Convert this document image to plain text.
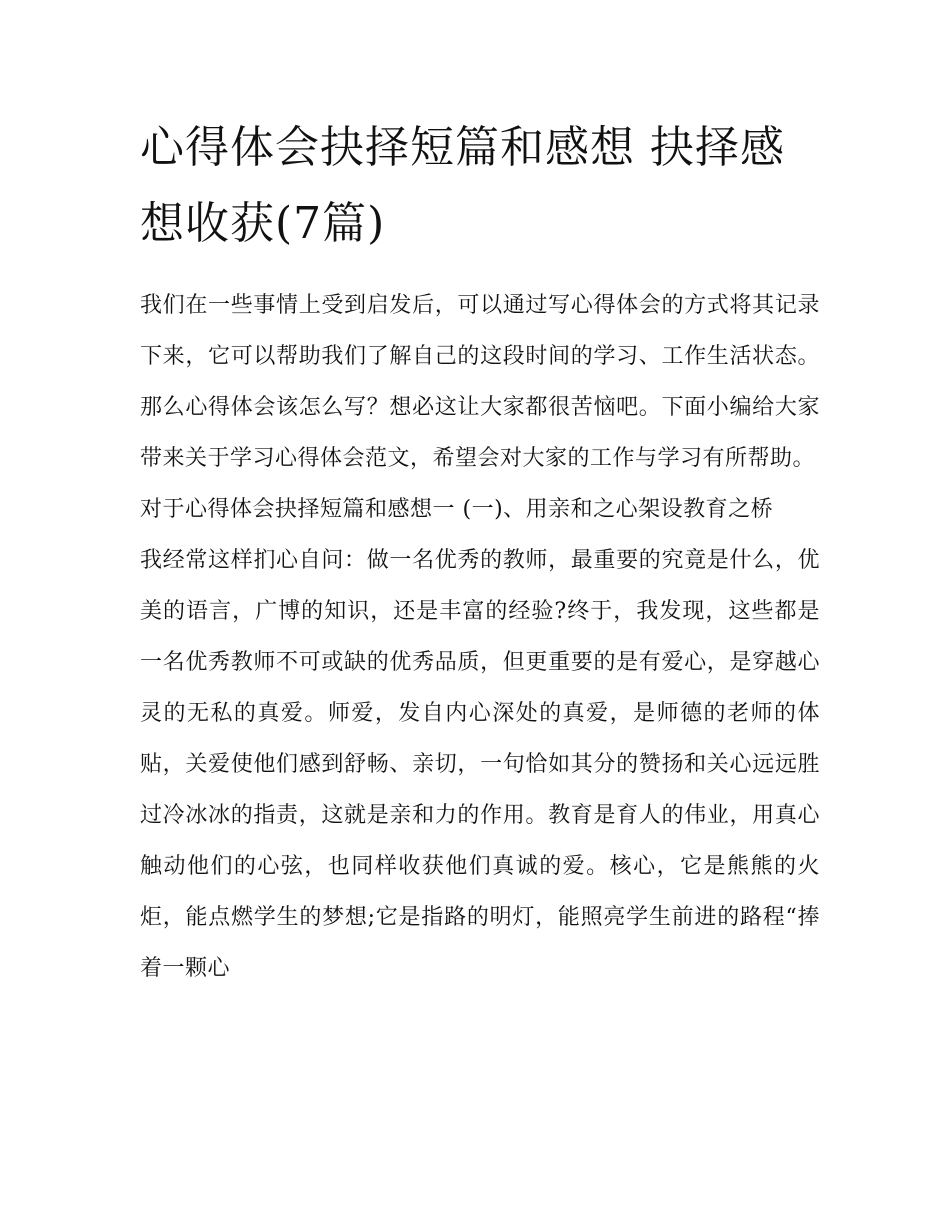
心得体会抉择短篇和感想 抉择感想收获(7篇)

我们在一些事情上受到启发后，可以通过写心得体会的方式将其记录下来，它可以帮助我们了解自己的这段时间的学习、工作生活状态。那么心得体会该怎么写？想必这让大家都很苦恼吧。下面小编给大家带来关于学习心得体会范文，希望会对大家的工作与学习有所帮助。

对于心得体会抉择短篇和感想一 (一)、用亲和之心架设教育之桥

我经常这样扪心自问：做一名优秀的教师，最重要的究竟是什么，优美的语言，广博的知识，还是丰富的经验?终于，我发现，这些都是一名优秀教师不可或缺的优秀品质，但更重要的是有爱心，是穿越心灵的无私的真爱。师爱，发自内心深处的真爱，是师德的老师的体贴，关爱使他们感到舒畅、亲切，一句恰如其分的赞扬和关心远远胜过冷冰冰的指责，这就是亲和力的作用。教育是育人的伟业，用真心触动他们的心弦，也同样收获他们真诚的爱。核心，它是熊熊的火炬，能点燃学生的梦想;它是指路的明灯，能照亮学生前进的路程“捧着一颗心
